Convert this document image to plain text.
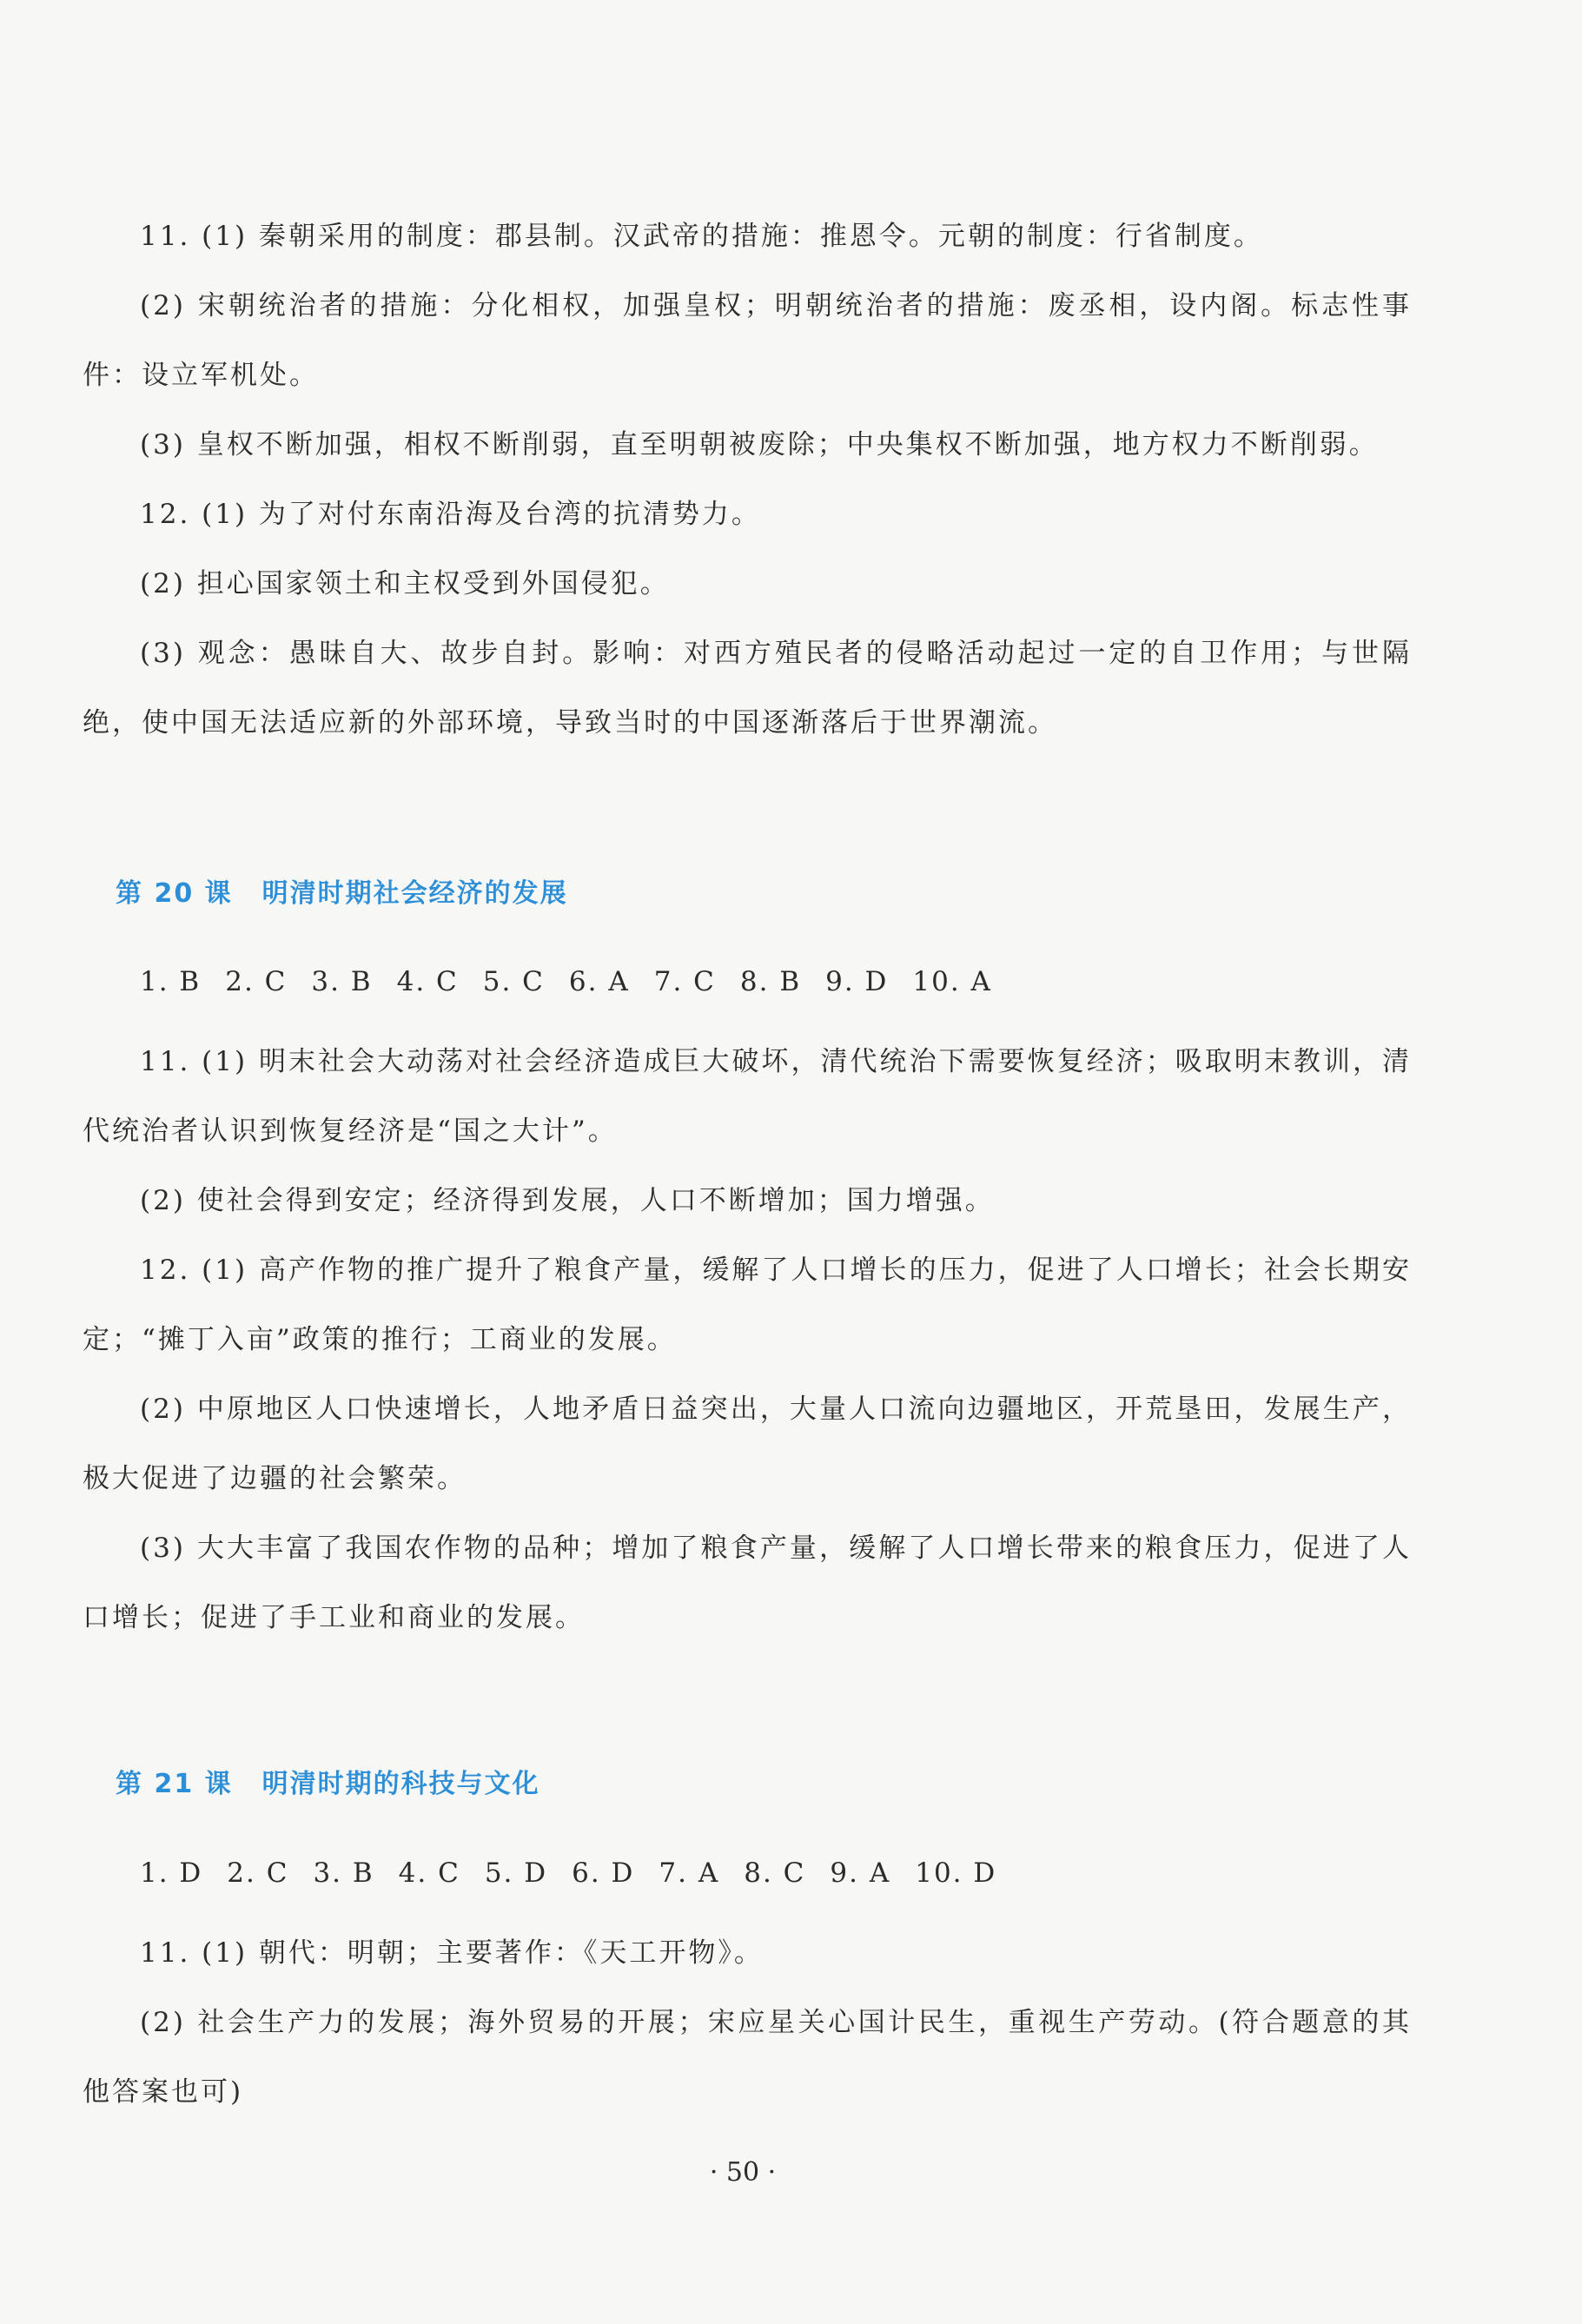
11. (1) 秦朝采用的制度：郡县制。汉武帝的措施：推恩令。元朝的制度：行省制度。

(2) 宋朝统治者的措施：分化相权，加强皇权；明朝统治者的措施：废丞相，设内阁。标志性事件：设立军机处。

(3) 皇权不断加强，相权不断削弱，直至明朝被废除；中央集权不断加强，地方权力不断削弱。

12. (1) 为了对付东南沿海及台湾的抗清势力。

(2) 担心国家领土和主权受到外国侵犯。

(3) 观念：愚昧自大、故步自封。影响：对西方殖民者的侵略活动起过一定的自卫作用；与世隔绝，使中国无法适应新的外部环境，导致当时的中国逐渐落后于世界潮流。

第 20 课 明清时期社会经济的发展
1. B 2. C 3. B 4. C 5. C 6. A 7. C 8. B 9. D 10. A

11. (1) 明末社会大动荡对社会经济造成巨大破坏，清代统治下需要恢复经济；吸取明末教训，清代统治者认识到恢复经济是“国之大计”。

(2) 使社会得到安定；经济得到发展，人口不断增加；国力增强。

12. (1) 高产作物的推广提升了粮食产量，缓解了人口增长的压力，促进了人口增长；社会长期安定；“摊丁入亩”政策的推行；工商业的发展。

(2) 中原地区人口快速增长，人地矛盾日益突出，大量人口流向边疆地区，开荒垦田，发展生产，极大促进了边疆的社会繁荣。

(3) 大大丰富了我国农作物的品种；增加了粮食产量，缓解了人口增长带来的粮食压力，促进了人口增长；促进了手工业和商业的发展。

第 21 课 明清时期的科技与文化
1. D 2. C 3. B 4. C 5. D 6. D 7. A 8. C 9. A 10. D

11. (1) 朝代：明朝；主要著作：《天工开物》。

(2) 社会生产力的发展；海外贸易的开展；宋应星关心国计民生，重视生产劳动。(符合题意的其他答案也可)

· 50 ·
